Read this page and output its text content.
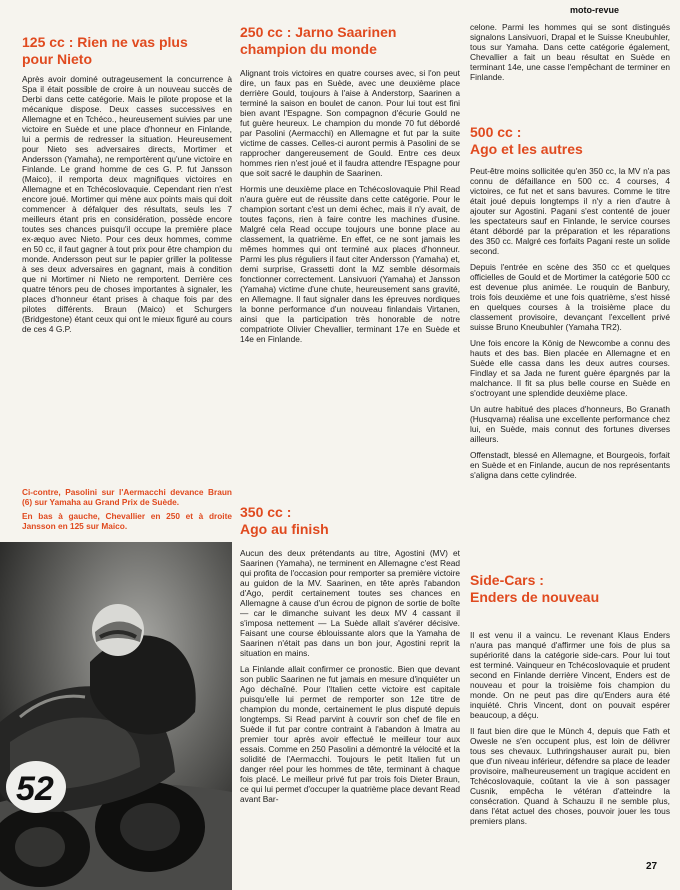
moto-revue
125 cc : Rien ne vas plus
pour Nieto

Après avoir dominé outrageusement la concurrence à Spa il était possible de croire à un nouveau succès de Derbi dans cette catégorie. Mais le pilote propose et la mécanique dispose. Deux casses successives en Allemagne et en Tchéco., heureusement suivies par une victoire en Suède et une place d'honneur en Finlande, lui a permis de redresser la situation. Heureusement pour Nieto ses adversaires directs, Mortimer et Andersson (Yamaha), ne remportèrent qu'une victoire en Finlande. Le grand homme de ces G. P. fut Jansson (Maico), il remporta deux magnifiques victoires en Allemagne et en Tchécoslovaquie. Cependant rien n'est encore joué. Mortimer qui mène aux points mais qui doit commencer à défalquer des résultats, seuls les 7 meilleurs étant pris en considération, possède encore toutes ses chances puisqu'il occupe la première place ex-æquo avec Nieto. Pour ces deux hommes, comme en 50 cc, il faut gagner à tout prix pour être champion du monde. Andersson peut sur le papier griller la politesse à ses deux adversaires en gagnant, mais à condition que ni Mortimer ni Nieto ne remportent. Derrière ces quatre ténors peu de choses importantes à signaler, les places d'honneur étant prises à chaque fois par des pilotes différents. Braun (Maico) et Schurgers (Bridgestone) étant ceux qui ont le mieux figuré au cours de ces 4 G.P.

Ci-contre, Pasolini sur l'Aermacchi devance Braun (6) sur Yamaha au Grand Prix de Suède.

En bas à gauche, Chevallier en 250 et à droite Jansson en 125 sur Maico.

52
250 cc : Jarno Saarinen
champion du monde

Alignant trois victoires en quatre courses avec, si l'on peut dire, un faux pas en Suède, avec une deuxième place derrière Gould, toujours à l'aise à Anderstorp, Saarinen a terminé la saison en boulet de canon. Pour lui tout est fini bien avant l'Espagne. Son compagnon d'écurie Gould ne fut guère heureux. Le champion du monde 70 fut débordé par Pasolini (Aermacchi) en Allemagne et fut par la suite victime de casses. Celles-ci auront permis à Pasolini de se rapprocher dangereusement de Gould. Entre ces deux hommes rien n'est joué et il faudra attendre l'Espagne pour que soit sacré le dauphin de Saarinen.

Hormis une deuxième place en Tchécoslovaquie Phil Read n'aura guère eut de réussite dans cette catégorie. Pour le champion sortant c'est un demi échec, mais il n'y avait, de toutes façons, rien à faire contre les machines d'usine. Malgré cela Read occupe toujours une bonne place au classement, la quatrième. En effet, ce ne sont jamais les mêmes hommes qui ont terminé aux places d'honneur. Parmi les plus réguliers il faut citer Andersson (Yamaha) et, demi surprise, Grassetti dont la MZ semble désormais fonctionner correctement. Lansivuori (Yamaha) et Jansson (Yamaha) victime d'une chute, heureusement sans gravité, en Allemagne. Il faut signaler dans les épreuves nordiques la bonne performance d'un nouveau finlandais Virtanen, ainsi que la participation très honorable de notre compatriote Olivier Chevallier, terminant 17e en Suède et 14e en Finlande.

350 cc :
Ago au finish

Aucun des deux prétendants au titre, Agostini (MV) et Saarinen (Yamaha), ne terminent en Allemagne c'est Read qui profita de l'occasion pour remporter sa première victoire au guidon de la MV. Saarinen, en tête après l'abandon d'Ago, perdit certainement toutes ses chances en Allemagne à cause d'un écrou de pignon de sortie de boîte — car le dimanche suivant les deux MV 4 cassant il s'imposa nettement — La Suède allait s'avérer décisive. Faisant une course éblouissante alors que la Yamaha de Saarinen n'était pas dans un bon jour, Agostini reprit la situation en mains.

La Finlande allait confirmer ce pronostic. Bien que devant son public Saarinen ne fut jamais en mesure d'inquiéter un Ago déchaîné. Pour l'Italien cette victoire est capitale puisqu'elle lui permet de remporter son 12e titre de champion du monde, certainement le plus disputé depuis longtemps. Si Read parvint à couvrir son chef de file en Suède il fut par contre contraint à l'abandon à Imatra au premier tour après avoir effectué le meilleur tour aux essais. Comme en 250 Pasolini a démontré la vélocité et la solidité de l'Aermacchi. Toujours le petit Italien fut un danger réel pour les hommes de tête, terminant à chaque fois placé. Le meilleur privé fut par trois fois Dieter Braun, ce qui lui permet d'occuper la quatrième place devant Read avant Bar-

celone. Parmi les hommes qui se sont distingués signalons Lansivuori, Drapal et le Suisse Kneubuhler, tous sur Yamaha. Dans cette catégorie également, Chevallier a fait un beau résultat en Suède en terminant 14e, une casse l'empêchant de terminer en Finlande.

500 cc :
Ago et les autres

Peut-être moins sollicitée qu'en 350 cc, la MV n'a pas connu de défaillance en 500 cc. 4 courses, 4 victoires, ce fut net et sans bavures. Comme le titre était joué depuis longtemps il n'y a rien d'autre à ajouter sur Agostini. Pagani s'est contenté de jouer les spectateurs sauf en Finlande, le service courses étant débordé par la préparation et les réparations des 350 cc. Malgré ces forfaits Pagani reste un solide second.

Depuis l'entrée en scène des 350 cc et quelques officielles de Gould et de Mortimer la catégorie 500 cc est devenue plus animée. Le rouquin de Banbury, trois fois deuxième et une fois quatrième, s'est hissé en quelques courses à la troisième place du classement provisoire, devançant l'excellent privé suisse Bruno Kneubuhler (Yamaha TR2).

Une fois encore la König de Newcombe a connu des hauts et des bas. Bien placée en Allemagne et en Suède elle cassa dans les deux autres courses. Findlay et sa Jada ne furent guère épargnés par la malchance. Il fit sa plus belle course en Suède en s'octroyant une splendide deuxième place.

Un autre habitué des places d'honneurs, Bo Granath (Husqvarna) réalisa une excellente performance chez lui, en Suède, mais connut des fortunes diverses ailleurs.

Offenstadt, blessé en Allemagne, et Bourgeois, forfait en Suède et en Finlande, aucun de nos représentants s'aligna dans cette cylindrée.

Side-Cars :
Enders de nouveau

Il est venu il a vaincu. Le revenant Klaus Enders n'aura pas manqué d'affirmer une fois de plus sa supériorité dans la catégorie side-cars. Pour lui tout est terminé. Vainqueur en Tchécoslovaquie et prudent second en Finlande derrière Vincent, Enders est de nouveau et pour la troisième fois champion du monde. On ne peut pas dire qu'Enders aura été inquiété. Chris Vincent, dont on pouvait espérer beaucoup, a déçu.

Il faut bien dire que le Münch 4, depuis que Fath et Owesle ne s'en occupent plus, est loin de délivrer tous ses chevaux. Luthringshauser aurait pu, bien que d'un niveau inférieur, défendre sa place de leader provisoire, malheureusement un tragique accident en Tchécoslovaquie, coûtant la vie à son passager Cusnik, empêcha le vétéran d'atteindre la consécration. Quand à Schauzu il ne semble plus, dans l'état actuel des choses, pouvoir jouer les tous premiers plans.

27
